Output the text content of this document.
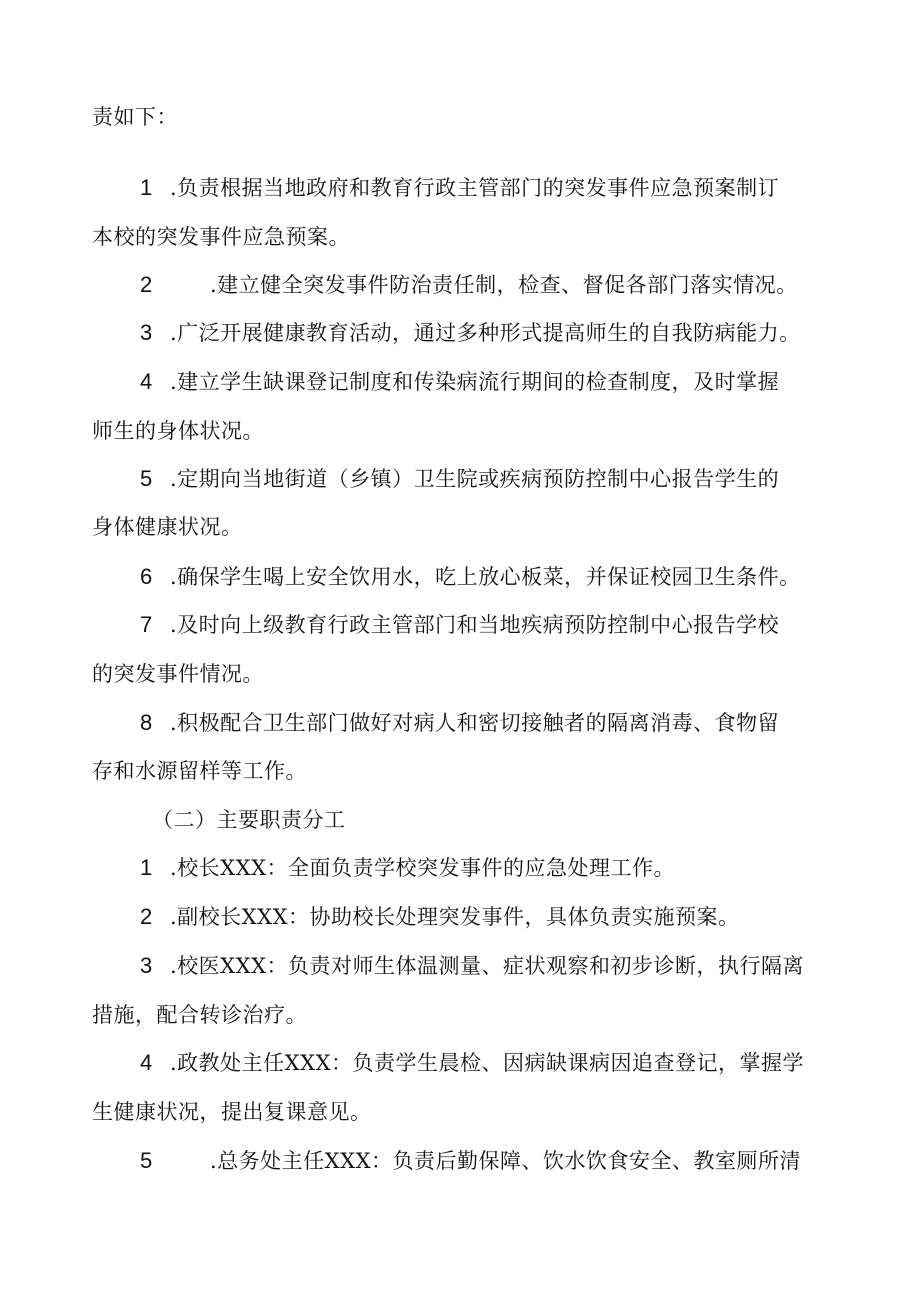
责如下：
1 .负责根据当地政府和教育行政主管部门的突发事件应急预案制订
本校的突发事件应急预案。
2	.建立健全突发事件防治责任制，检查、督促各部门落实情况。
3 .广泛开展健康教育活动，通过多种形式提高师生的自我防病能力。
4 .建立学生缺课登记制度和传染病流行期间的检查制度，及时掌握
师生的身体状况。
5 .定期向当地街道（乡镇）卫生院或疾病预防控制中心报告学生的
身体健康状况。
6 .确保学生喝上安全饮用水，吃上放心板菜，并保证校园卫生条件。
7 .及时向上级教育行政主管部门和当地疾病预防控制中心报告学校
的突发事件情况。
8 .积极配合卫生部门做好对病人和密切接触者的隔离消毒、食物留
存和水源留样等工作。
（二）主要职责分工
1 .校长XXX：全面负责学校突发事件的应急处理工作。
2 .副校长XXX：协助校长处理突发事件，具体负责实施预案。
3 .校医XXX：负责对师生体温测量、症状观察和初步诊断，执行隔离
措施，配合转诊治疗。
4 .政教处主任XXX：负责学生晨检、因病缺课病因追查登记，掌握学
生健康状况，提出复课意见。
5	.总务处主任XXX：负责后勤保障、饮水饮食安全、教室厕所清
